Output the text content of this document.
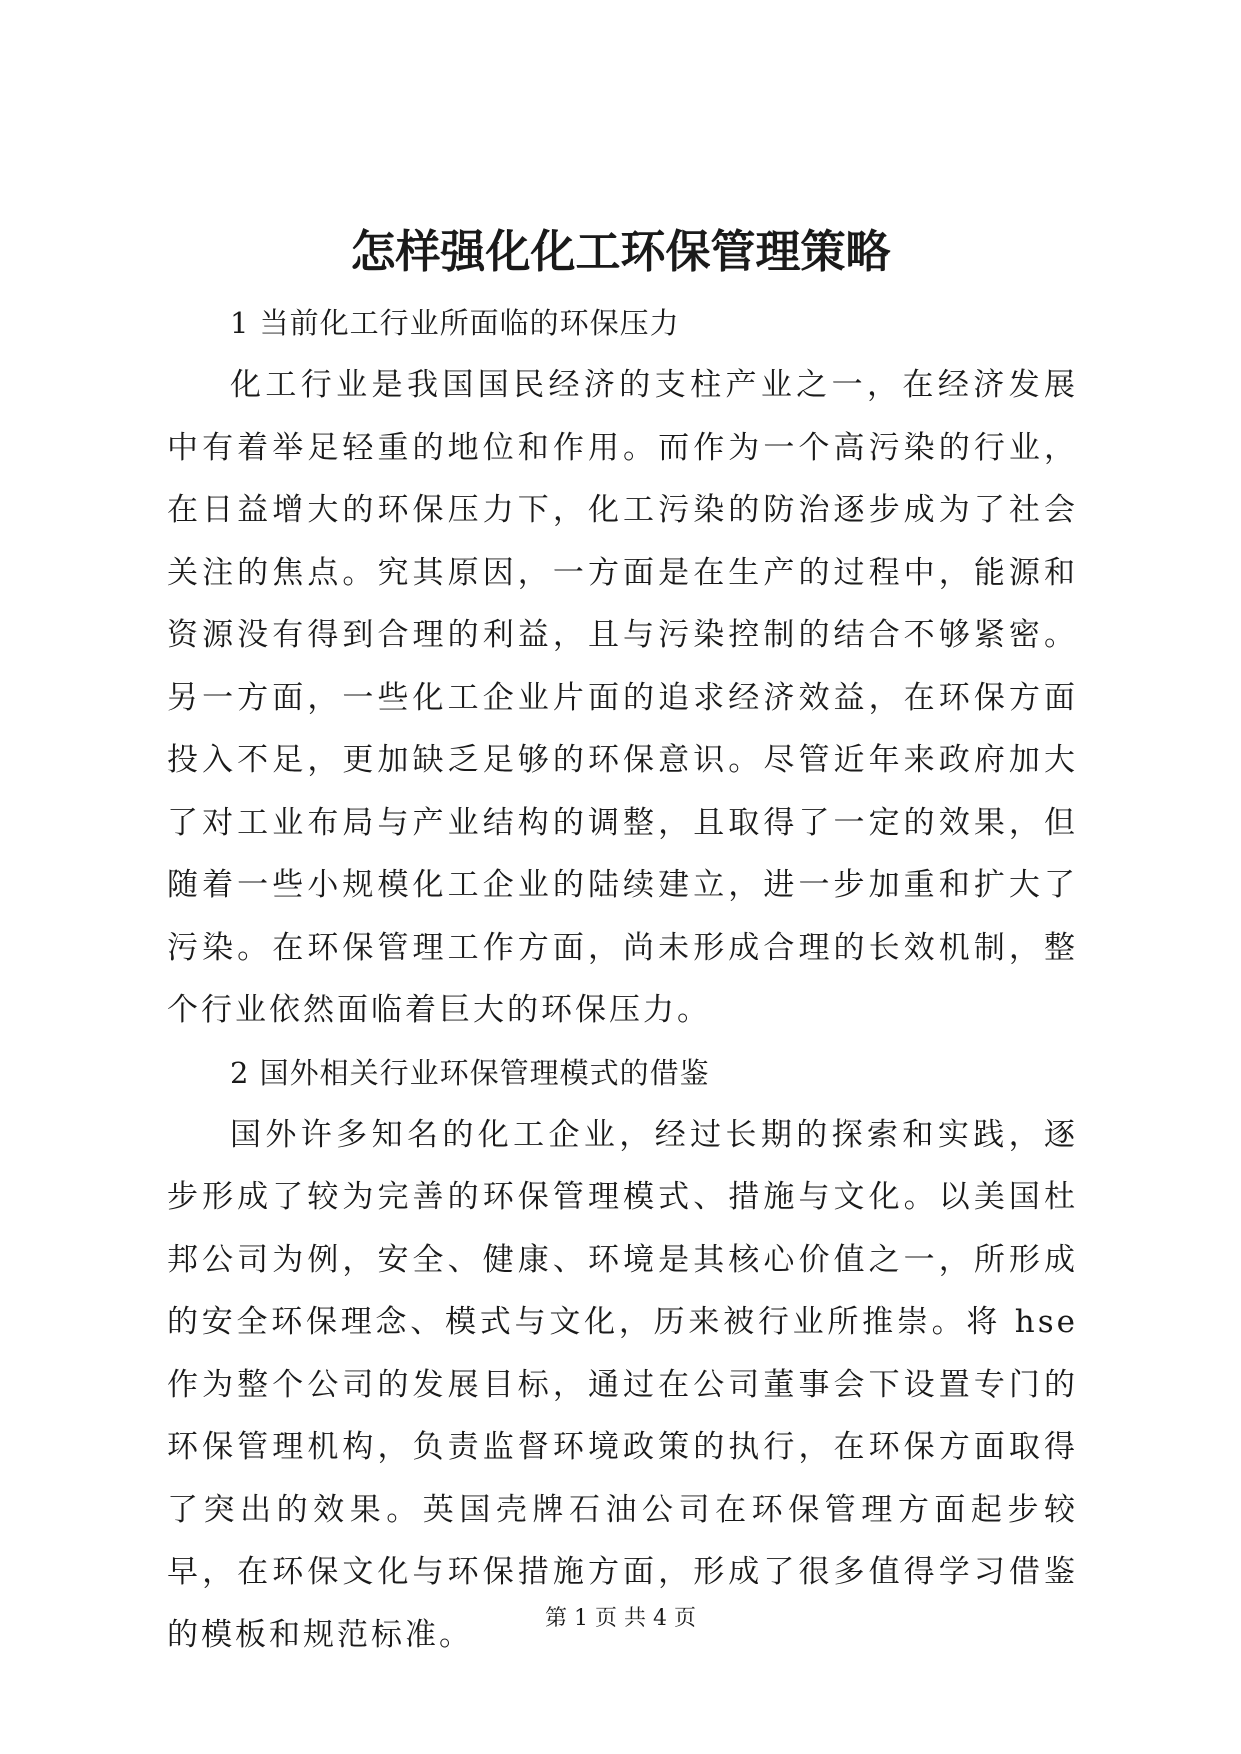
怎样强化化工环保管理策略

1 当前化工行业所面临的环保压力

化工行业是我国国民经济的支柱产业之一，在经济发展中有着举足轻重的地位和作用。而作为一个高污染的行业，在日益增大的环保压力下，化工污染的防治逐步成为了社会关注的焦点。究其原因，一方面是在生产的过程中，能源和资源没有得到合理的利益，且与污染控制的结合不够紧密。另一方面，一些化工企业片面的追求经济效益，在环保方面投入不足，更加缺乏足够的环保意识。尽管近年来政府加大了对工业布局与产业结构的调整，且取得了一定的效果，但随着一些小规模化工企业的陆续建立，进一步加重和扩大了污染。在环保管理工作方面，尚未形成合理的长效机制，整个行业依然面临着巨大的环保压力。

2 国外相关行业环保管理模式的借鉴

国外许多知名的化工企业，经过长期的探索和实践，逐步形成了较为完善的环保管理模式、措施与文化。以美国杜邦公司为例，安全、健康、环境是其核心价值之一，所形成的安全环保理念、模式与文化，历来被行业所推崇。将 hse 作为整个公司的发展目标，通过在公司董事会下设置专门的环保管理机构，负责监督环境政策的执行，在环保方面取得了突出的效果。英国壳牌石油公司在环保管理方面起步较早，在环保文化与环保措施方面，形成了很多值得学习借鉴的模板和规范标准。	第 1 页 共 4 页
